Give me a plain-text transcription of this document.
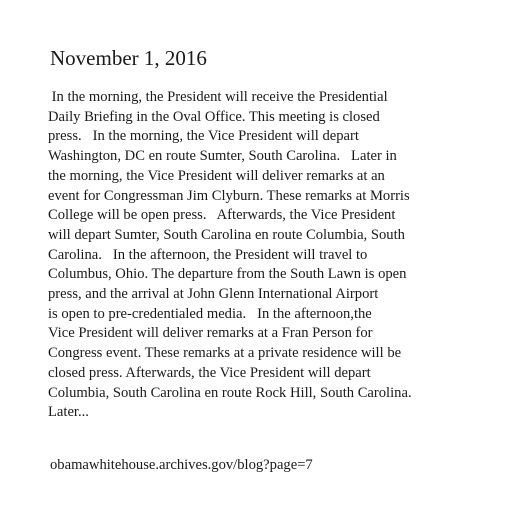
November 1, 2016
In the morning, the President will receive the Presidential
Daily Briefing in the Oval Office. This meeting is closed
press.   In the morning, the Vice President will depart
Washington, DC en route Sumter, South Carolina.   Later in
the morning, the Vice President will deliver remarks at an
event for Congressman Jim Clyburn. These remarks at Morris
College will be open press.   Afterwards, the Vice President
will depart Sumter, South Carolina en route Columbia, South
Carolina.   In the afternoon, the President will travel to
Columbus, Ohio. The departure from the South Lawn is open
press, and the arrival at John Glenn International Airport
is open to pre-credentialed media.   In the afternoon,the
Vice President will deliver remarks at a Fran Person for
Congress event. These remarks at a private residence will be
closed press. Afterwards, the Vice President will depart
Columbia, South Carolina en route Rock Hill, South Carolina.
Later...
obamawhitehouse.archives.gov/blog?page=7
